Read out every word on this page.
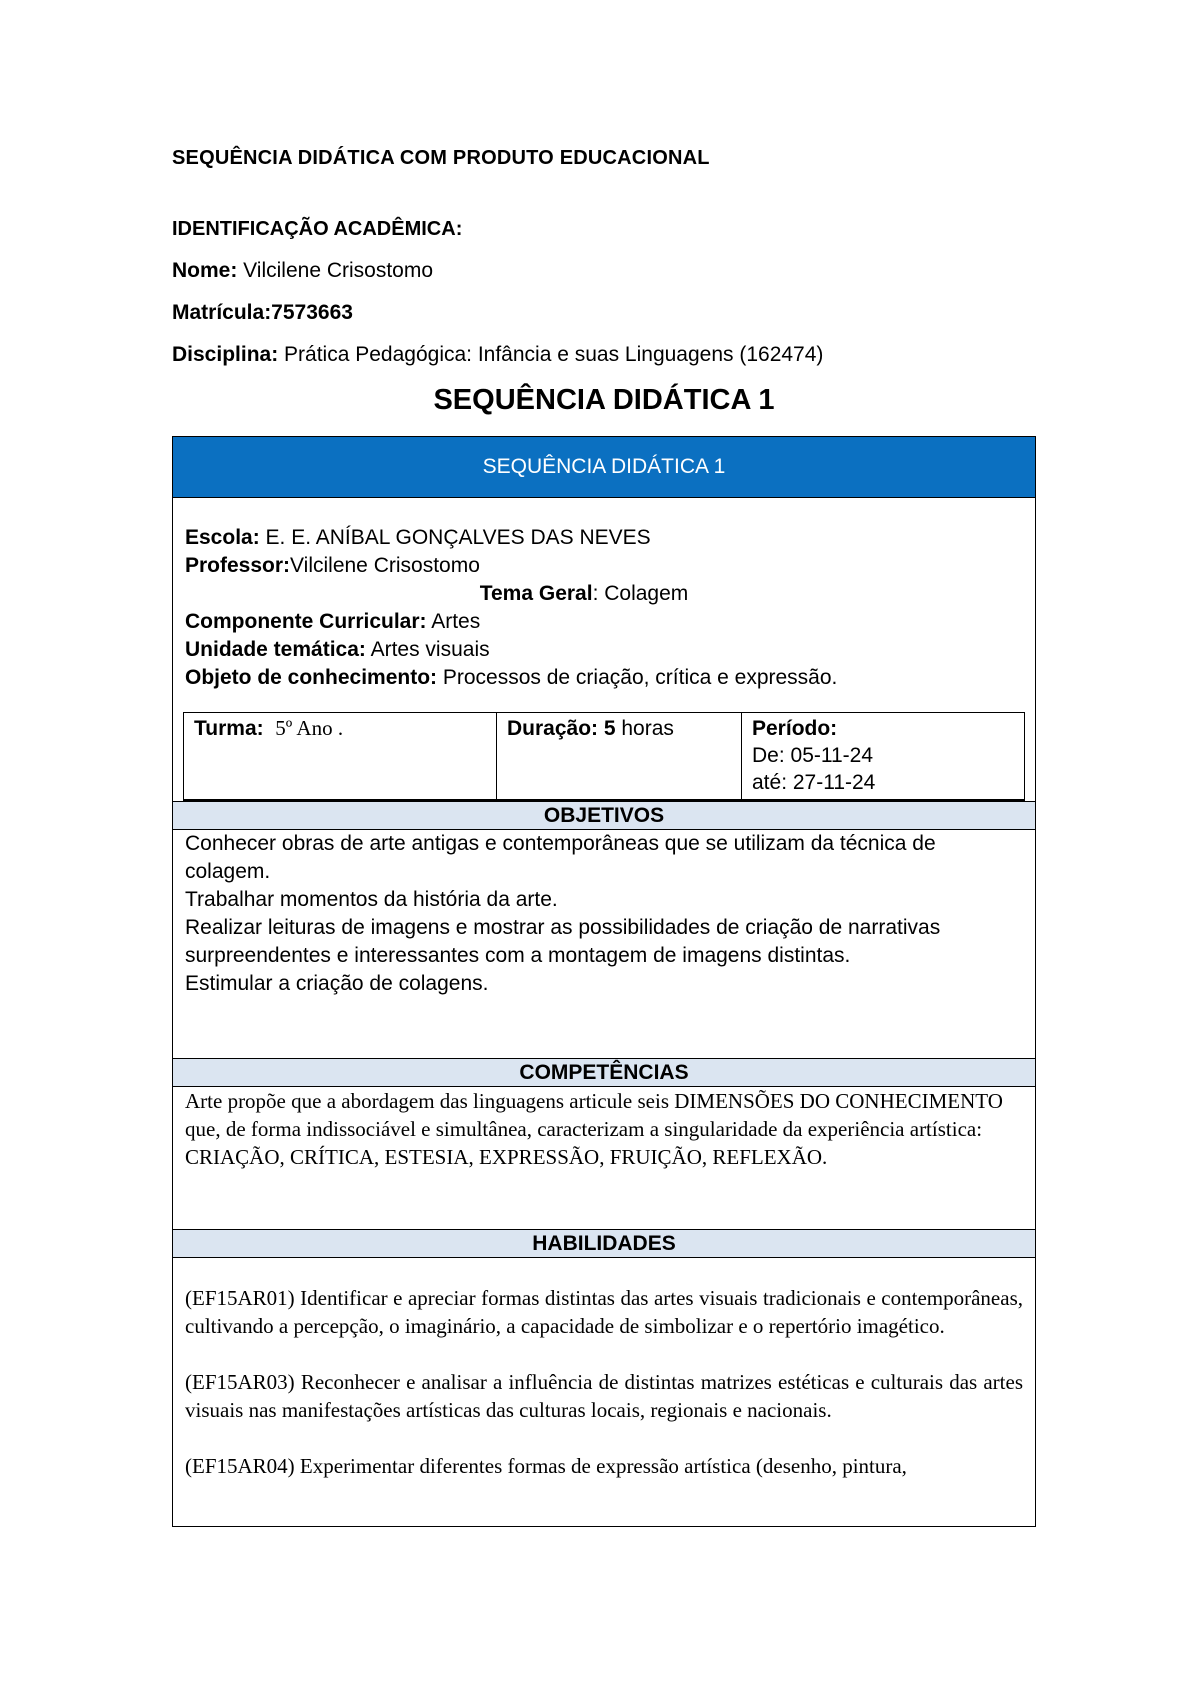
SEQUÊNCIA DIDÁTICA COM PRODUTO EDUCACIONAL
IDENTIFICAÇÃO ACADÊMICA:
Nome: Vilcilene Crisostomo
Matrícula:7573663
Disciplina: Prática Pedagógica: Infância e suas Linguagens (162474)
SEQUÊNCIA DIDÁTICA 1
SEQUÊNCIA DIDÁTICA 1
Escola: E. E. ANÍBAL GONÇALVES DAS NEVES
Professor:Vilcilene Crisostomo
Tema Geral: Colagem
Componente Curricular: Artes
Unidade temática: Artes visuais
Objeto de conhecimento: Processos de criação, crítica e expressão.
Turma: 5º Ano .	Duração: 5 horas	Período:
De: 05-11-24
até: 27-11-24
OBJETIVOS
Conhecer obras de arte antigas e contemporâneas que se utilizam da técnica de colagem.
Trabalhar momentos da história da arte.
Realizar leituras de imagens e mostrar as possibilidades de criação de narrativas surpreendentes e interessantes com a montagem de imagens distintas.
Estimular a criação de colagens.
COMPETÊNCIAS
Arte propõe que a abordagem das linguagens articule seis DIMENSÕES DO CONHECIMENTO que, de forma indissociável e simultânea, caracterizam a singularidade da experiência artística: CRIAÇÃO, CRÍTICA, ESTESIA, EXPRESSÃO, FRUIÇÃO, REFLEXÃO.
HABILIDADES

(EF15AR01) Identificar e apreciar formas distintas das artes visuais tradicionais e contemporâneas, cultivando a percepção, o imaginário, a capacidade de simbolizar e o repertório imagético.

(EF15AR03) Reconhecer e analisar a influência de distintas matrizes estéticas e culturais das artes visuais nas manifestações artísticas das culturas locais, regionais e nacionais.

(EF15AR04) Experimentar diferentes formas de expressão artística (desenho, pintura,
